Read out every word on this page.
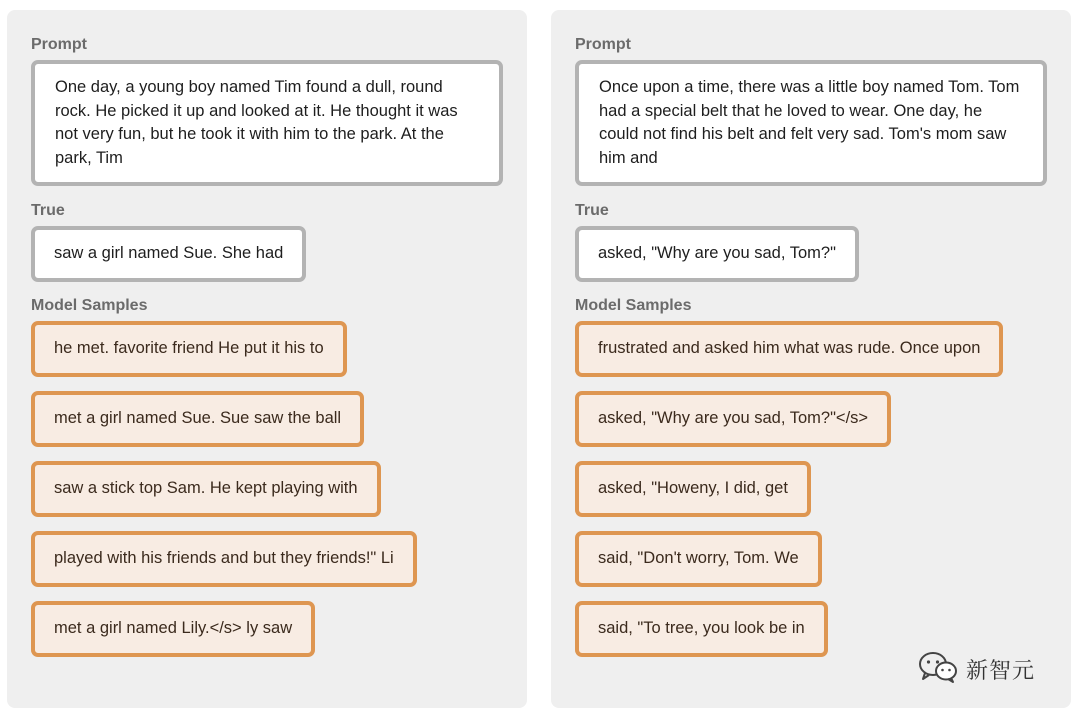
Prompt
One day, a young boy named Tim found a dull, round rock. He picked it up and looked at it. He thought it was not very fun, but he took it with him to the park. At the park, Tim
True
saw a girl named Sue. She had
Model Samples
he met. favorite friend He put it his to
met a girl named Sue. Sue saw the ball
saw a stick top Sam. He kept playing with
played with his friends and but they friends!" Li
met a girl named Lily.</s> ly saw
Prompt
Once upon a time, there was a little boy named Tom. Tom had a special belt that he loved to wear. One day, he could not find his belt and felt very sad. Tom's mom saw him and
True
asked, "Why are you sad, Tom?"
Model Samples
frustrated and asked him what was rude. Once upon
asked, "Why are you sad, Tom?"</s>
asked, "Howeny, I did, get
said, "Don't worry, Tom. We
said, "To tree, you look be in
新智元
